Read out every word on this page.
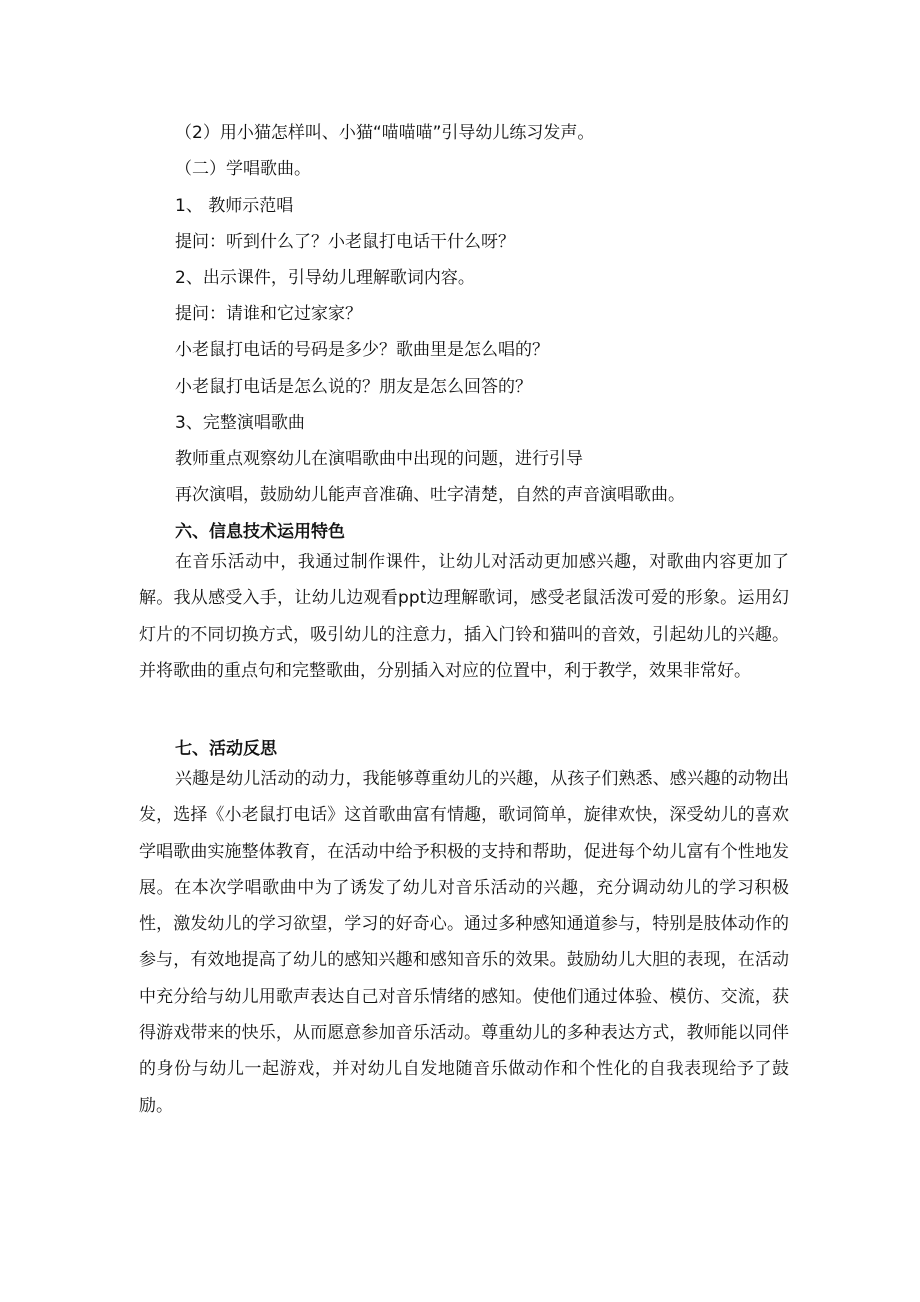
（2）用小猫怎样叫、小猫“喵喵喵”引导幼儿练习发声。
（二）学唱歌曲。
1、 教师示范唱
提问：听到什么了？小老鼠打电话干什么呀？
2、出示课件，引导幼儿理解歌词内容。
提问：请谁和它过家家？
小老鼠打电话的号码是多少？歌曲里是怎么唱的？
小老鼠打电话是怎么说的？朋友是怎么回答的？
3、完整演唱歌曲
教师重点观察幼儿在演唱歌曲中出现的问题，进行引导
再次演唱，鼓励幼儿能声音准确、吐字清楚，自然的声音演唱歌曲。
六、信息技术运用特色

在音乐活动中，我通过制作课件，让幼儿对活动更加感兴趣，对歌曲内容更加了解。我从感受入手，让幼儿边观看ppt边理解歌词，感受老鼠活泼可爱的形象。运用幻灯片的不同切换方式，吸引幼儿的注意力，插入门铃和猫叫的音效，引起幼儿的兴趣。并将歌曲的重点句和完整歌曲，分别插入对应的位置中，利于教学，效果非常好。

七、活动反思

兴趣是幼儿活动的动力，我能够尊重幼儿的兴趣，从孩子们熟悉、感兴趣的动物出发，选择《小老鼠打电话》这首歌曲富有情趣，歌词简单，旋律欢快，深受幼儿的喜欢学唱歌曲实施整体教育，在活动中给予积极的支持和帮助，促进每个幼儿富有个性地发展。在本次学唱歌曲中为了诱发了幼儿对音乐活动的兴趣，充分调动幼儿的学习积极性，激发幼儿的学习欲望，学习的好奇心。通过多种感知通道参与，特别是肢体动作的参与，有效地提高了幼儿的感知兴趣和感知音乐的效果。鼓励幼儿大胆的表现，在活动中充分给与幼儿用歌声表达自己对音乐情绪的感知。使他们通过体验、模仿、交流，获得游戏带来的快乐，从而愿意参加音乐活动。尊重幼儿的多种表达方式，教师能以同伴的身份与幼儿一起游戏，并对幼儿自发地随音乐做动作和个性化的自我表现给予了鼓励。
